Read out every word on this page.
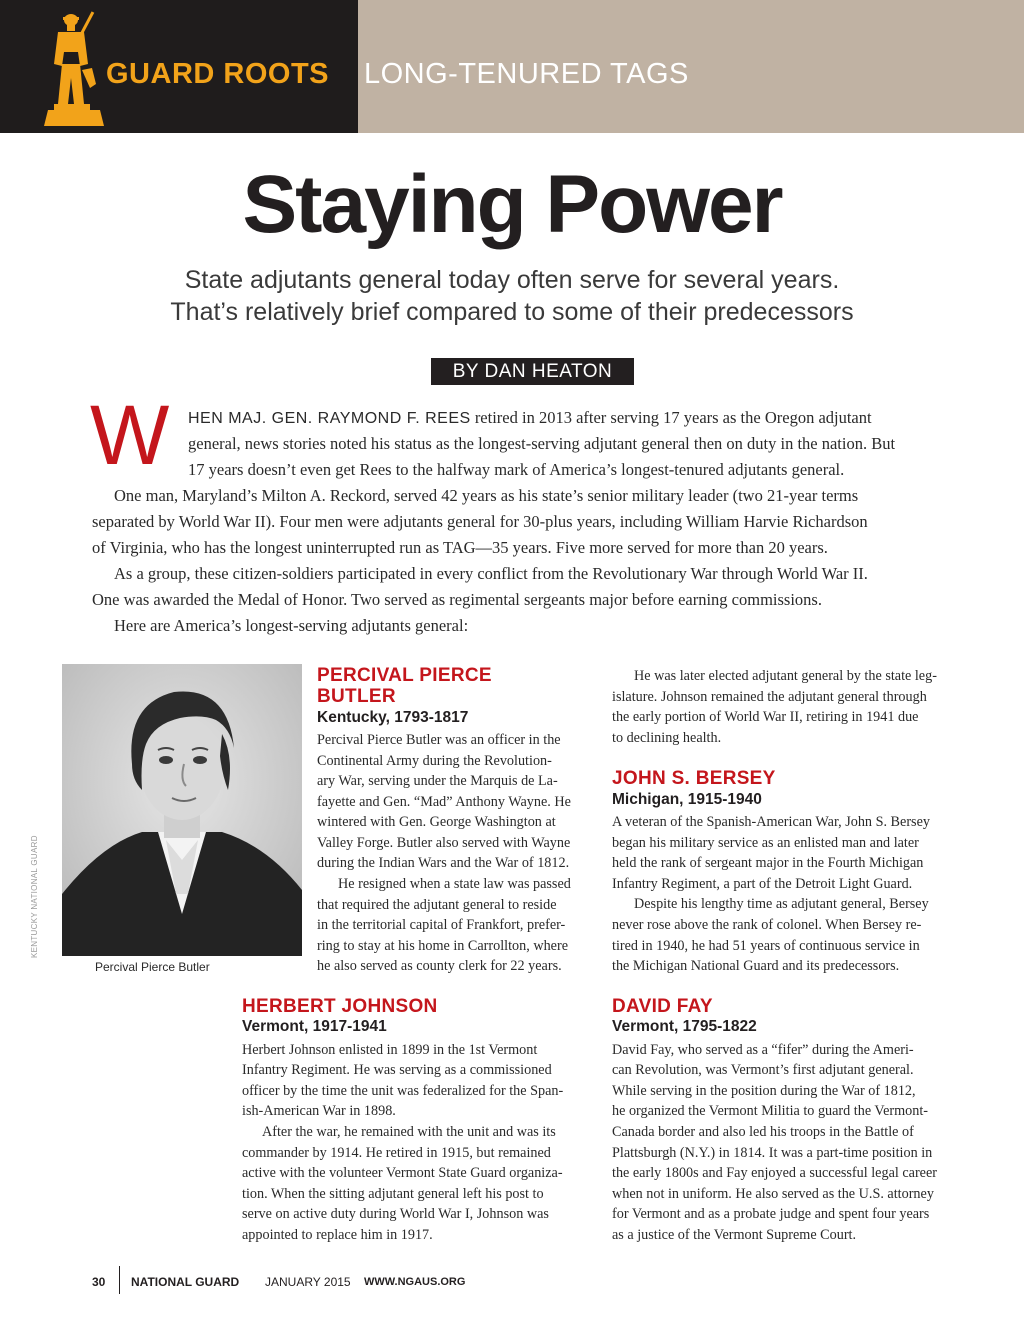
GUARD ROOTS LONG-TENURED TAGS
Staying Power
State adjutants general today often serve for several years.
That’s relatively brief compared to some of their predecessors
BY DAN HEATON
W HEN MAJ. GEN. RAYMOND F. REES retired in 2013 after serving 17 years as the Oregon adjutant
general, news stories noted his status as the longest-serving adjutant general then on duty in the nation. But
17 years doesn’t even get Rees to the halfway mark of America’s longest-tenured adjutants general.
One man, Maryland’s Milton A. Reckord, served 42 years as his state’s senior military leader (two 21-year terms
separated by World War II). Four men were adjutants general for 30-plus years, including William Harvie Richardson
of Virginia, who has the longest uninterrupted run as TAG—35 years. Five more served for more than 20 years.
As a group, these citizen-soldiers participated in every conflict from the Revolutionary War through World War II.
One was awarded the Medal of Honor. Two served as regimental sergeants major before earning commissions.
Here are America’s longest-serving adjutants general:
KENTUCKY NATIONAL GUARD
Percival Pierce Butler
PERCIVAL PIERCE
BUTLER
Kentucky, 1793-1817
Percival Pierce Butler was an officer in the
Continental Army during the Revolution-
ary War, serving under the Marquis de La-
fayette and Gen. “Mad” Anthony Wayne. He
wintered with Gen. George Washington at
Valley Forge. Butler also served with Wayne
during the Indian Wars and the War of 1812.
He resigned when a state law was passed
that required the adjutant general to reside
in the territorial capital of Frankfort, prefer-
ring to stay at his home in Carrollton, where
he also served as county clerk for 22 years.
HERBERT JOHNSON
Vermont, 1917-1941
Herbert Johnson enlisted in 1899 in the 1st Vermont
Infantry Regiment. He was serving as a commissioned
officer by the time the unit was federalized for the Span-
ish-American War in 1898.
After the war, he remained with the unit and was its
commander by 1914. He retired in 1915, but remained
active with the volunteer Vermont State Guard organiza-
tion. When the sitting adjutant general left his post to
serve on active duty during World War I, Johnson was
appointed to replace him in 1917.
He was later elected adjutant general by the state leg-
islature. Johnson remained the adjutant general through
the early portion of World War II, retiring in 1941 due
to declining health.
JOHN S. BERSEY
Michigan, 1915-1940
A veteran of the Spanish-American War, John S. Bersey
began his military service as an enlisted man and later
held the rank of sergeant major in the Fourth Michigan
Infantry Regiment, a part of the Detroit Light Guard.
Despite his lengthy time as adjutant general, Bersey
never rose above the rank of colonel. When Bersey re-
tired in 1940, he had 51 years of continuous service in
the Michigan National Guard and its predecessors.
DAVID FAY
Vermont, 1795-1822
David Fay, who served as a “fifer” during the Ameri-
can Revolution, was Vermont’s first adjutant general.
While serving in the position during the War of 1812,
he organized the Vermont Militia to guard the Vermont-
Canada border and also led his troops in the Battle of
Plattsburgh (N.Y.) in 1814. It was a part-time position in
the early 1800s and Fay enjoyed a successful legal career
when not in uniform. He also served as the U.S. attorney
for Vermont and as a probate judge and spent four years
as a justice of the Vermont Supreme Court.
30 NATIONAL GUARD JANUARY 2015 WWW.NGAUS.ORG
